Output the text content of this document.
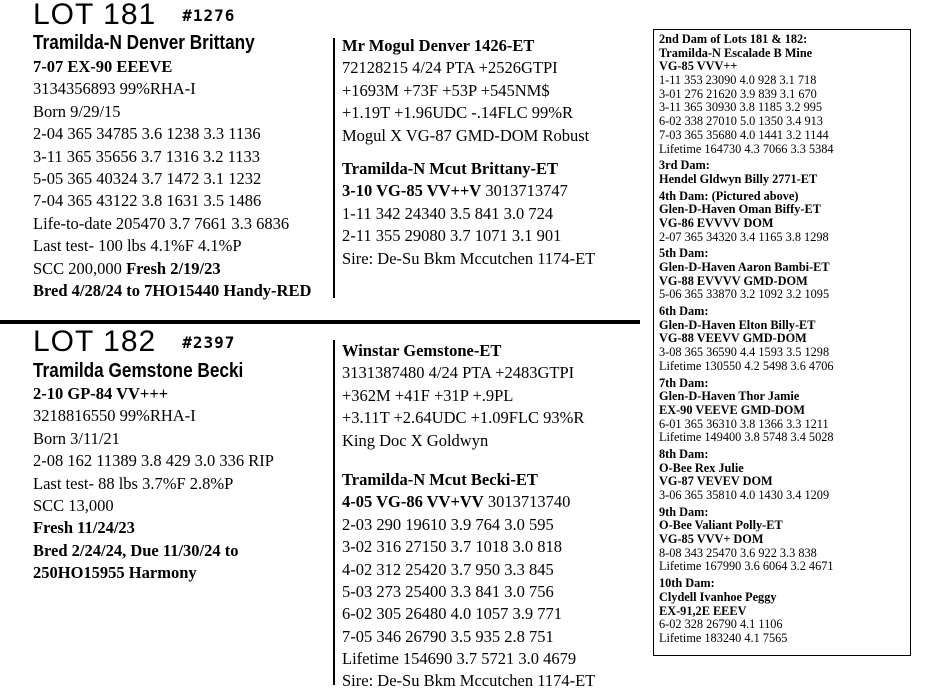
LOT 181 #1276
Tramilda-N Denver Brittany
7-07 EX-90 EEEVE
3134356893 99%RHA-I
Born 9/29/15
2-04 365 34785 3.6 1238 3.3 1136
3-11 365 35656 3.7 1316 3.2 1133
5-05 365 40324 3.7 1472 3.1 1232
7-04 365 43122 3.8 1631 3.5 1486
Life-to-date 205470 3.7 7661 3.3 6836
Last test- 100 lbs 4.1%F 4.1%P
SCC 200,000 Fresh 2/19/23
Bred 4/28/24 to 7HO15440 Handy-RED
Mr Mogul Denver 1426-ET
72128215 4/24 PTA +2526GTPI
+1693M +73F +53P +545NM$
+1.19T +1.96UDC -.14FLC 99%R
Mogul X VG-87 GMD-DOM Robust
Tramilda-N Mcut Brittany-ET
3-10 VG-85 VV++V 3013713747
1-11 342 24340 3.5 841 3.0 724
2-11 355 29080 3.7 1071 3.1 901
Sire: De-Su Bkm Mccutchen 1174-ET
LOT 182 #2397
Tramilda Gemstone Becki
2-10 GP-84 VV+++
3218816550 99%RHA-I
Born 3/11/21
2-08 162 11389 3.8 429 3.0 336 RIP
Last test- 88 lbs 3.7%F 2.8%P
SCC 13,000
Fresh 11/24/23
Bred 2/24/24, Due 11/30/24 to
250HO15955 Harmony
Winstar Gemstone-ET
3131387480 4/24 PTA +2483GTPI
+362M +41F +31P +.9PL
+3.11T +2.64UDC +1.09FLC 93%R
King Doc X Goldwyn
Tramilda-N Mcut Becki-ET
4-05 VG-86 VV+VV 3013713740
2-03 290 19610 3.9 764 3.0 595
3-02 316 27150 3.7 1018 3.0 818
4-02 312 25420 3.7 950 3.3 845
5-03 273 25400 3.3 841 3.0 756
6-02 305 26480 4.0 1057 3.9 771
7-05 346 26790 3.5 935 2.8 751
Lifetime 154690 3.7 5721 3.0 4679
Sire: De-Su Bkm Mccutchen 1174-ET
2nd Dam of Lots 181 & 182:
Tramilda-N Escalade B Mine
VG-85 VVV++
1-11 353 23090 4.0 928 3.1 718
3-01 276 21620 3.9 839 3.1 670
3-11 365 30930 3.8 1185 3.2 995
6-02 338 27010 5.0 1350 3.4 913
7-03 365 35680 4.0 1441 3.2 1144
Lifetime 164730 4.3 7066 3.3 5384
3rd Dam:
Hendel Gldwyn Billy 2771-ET
4th Dam: (Pictured above)
Glen-D-Haven Oman Biffy-ET
VG-86 EVVVV DOM
2-07 365 34320 3.4 1165 3.8 1298
5th Dam:
Glen-D-Haven Aaron Bambi-ET
VG-88 EVVVV GMD-DOM
5-06 365 33870 3.2 1092 3.2 1095
6th Dam:
Glen-D-Haven Elton Billy-ET
VG-88 VEEVV GMD-DOM
3-08 365 36590 4.4 1593 3.5 1298
Lifetime 130550 4.2 5498 3.6 4706
7th Dam:
Glen-D-Haven Thor Jamie
EX-90 VEEVE GMD-DOM
6-01 365 36310 3.8 1366 3.3 1211
Lifetime 149400 3.8 5748 3.4 5028
8th Dam:
O-Bee Rex Julie
VG-87 VEVEV DOM
3-06 365 35810 4.0 1430 3.4 1209
9th Dam:
O-Bee Valiant Polly-ET
VG-85 VVV+ DOM
8-08 343 25470 3.6 922 3.3 838
Lifetime 167990 3.6 6064 3.2 4671
10th Dam:
Clydell Ivanhoe Peggy
EX-91,2E EEEV
6-02 328 26790 4.1 1106
Lifetime 183240 4.1 7565
